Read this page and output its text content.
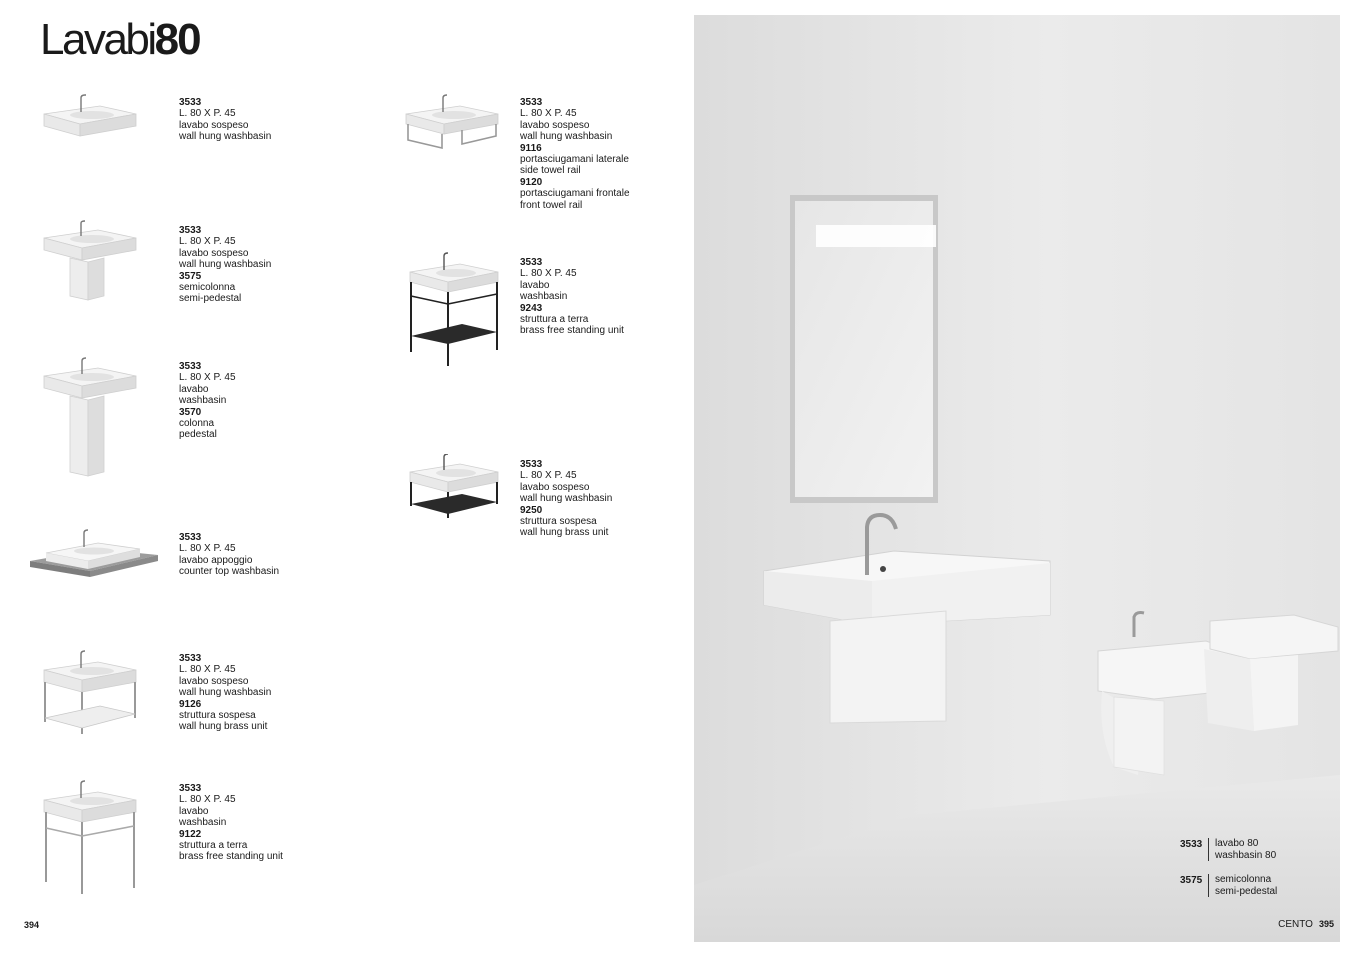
Lavabi80
3533
L. 80 X P. 45
lavabo sospeso
wall hung washbasin
3533
L. 80 X P. 45
lavabo sospeso
wall hung washbasin
3575
semicolonna
semi-pedestal
3533
L. 80 X P. 45
lavabo
washbasin
3570
colonna
pedestal
3533
L. 80 X P. 45
lavabo appoggio
counter top washbasin
3533
L. 80 X P. 45
lavabo sospeso
wall hung washbasin
9126
struttura sospesa
wall hung brass unit
3533
L. 80 X P. 45
lavabo
washbasin
9122
struttura a terra
brass free standing unit
3533
L. 80 X P. 45
lavabo sospeso
wall hung washbasin
9116
portasciugamani laterale
side towel rail
9120
portasciugamani frontale
front towel rail
3533
L. 80 X P. 45
lavabo
washbasin
9243
struttura a terra
brass free standing unit
3533
L. 80 X P. 45
lavabo sospeso
wall hung washbasin
9250
struttura sospesa
wall hung brass unit
3533	lavabo 80
washbasin 80
3575	semicolonna
semi-pedestal
394	CENTO 395
